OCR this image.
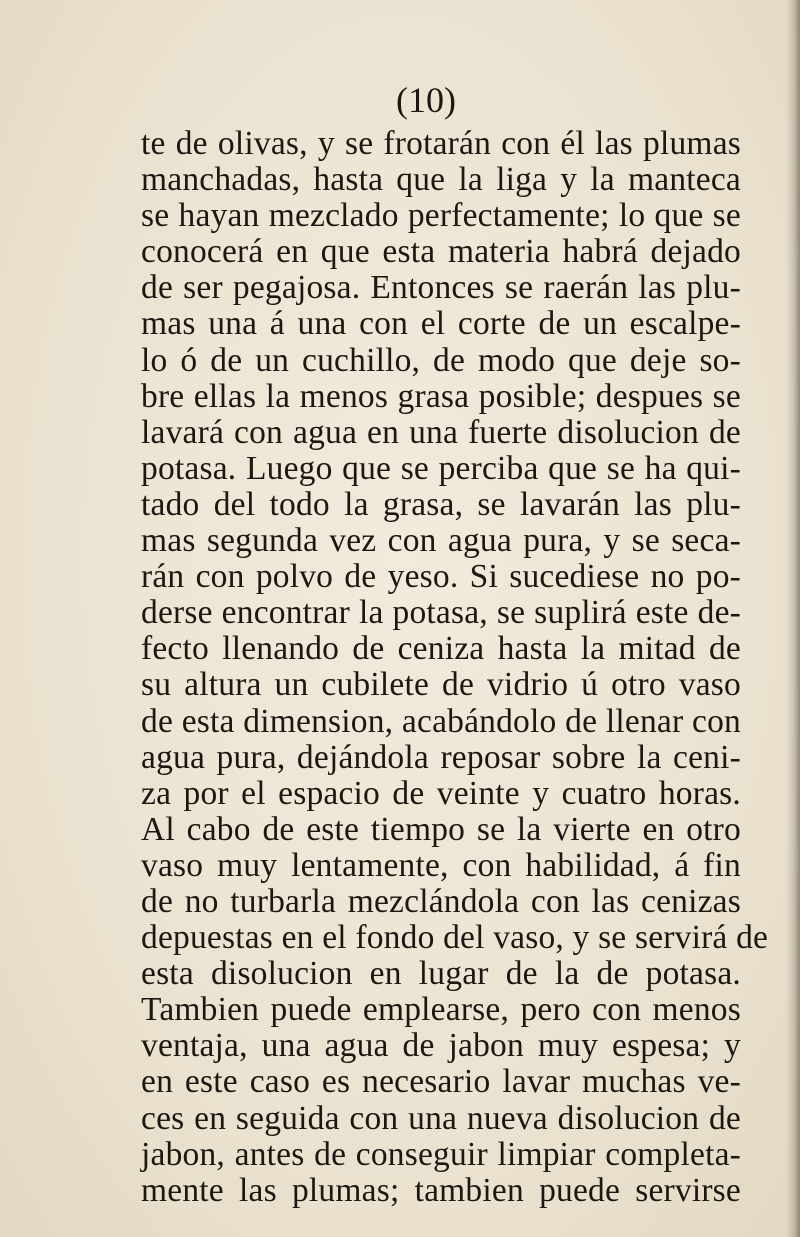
(10)

te de olivas, y se frotarán con él las plumas
manchadas, hasta que la liga y la manteca
se hayan mezclado perfectamente; lo que se
conocerá en que esta materia habrá dejado
de ser pegajosa. Entonces se raerán las plu-
mas una á una con el corte de un escalpe-
lo ó de un cuchillo, de modo que deje so-
bre ellas la menos grasa posible; despues se
lavará con agua en una fuerte disolucion de
potasa. Luego que se perciba que se ha qui-
tado del todo la grasa, se lavarán las plu-
mas segunda vez con agua pura, y se seca-
rán con polvo de yeso. Si sucediese no po-
derse encontrar la potasa, se suplirá este de-
fecto llenando de ceniza hasta la mitad de
su altura un cubilete de vidrio ú otro vaso
de esta dimension, acabándolo de llenar con
agua pura, dejándola reposar sobre la ceni-
za por el espacio de veinte y cuatro horas.
Al cabo de este tiempo se la vierte en otro
vaso muy lentamente, con habilidad, á fin
de no turbarla mezclándola con las cenizas
depuestas en el fondo del vaso, y se servirá de
esta disolucion en lugar de la de potasa.
Tambien puede emplearse, pero con menos
ventaja, una agua de jabon muy espesa; y
en este caso es necesario lavar muchas ve-
ces en seguida con una nueva disolucion de
jabon, antes de conseguir limpiar completa-
mente las plumas; tambien puede servirse
